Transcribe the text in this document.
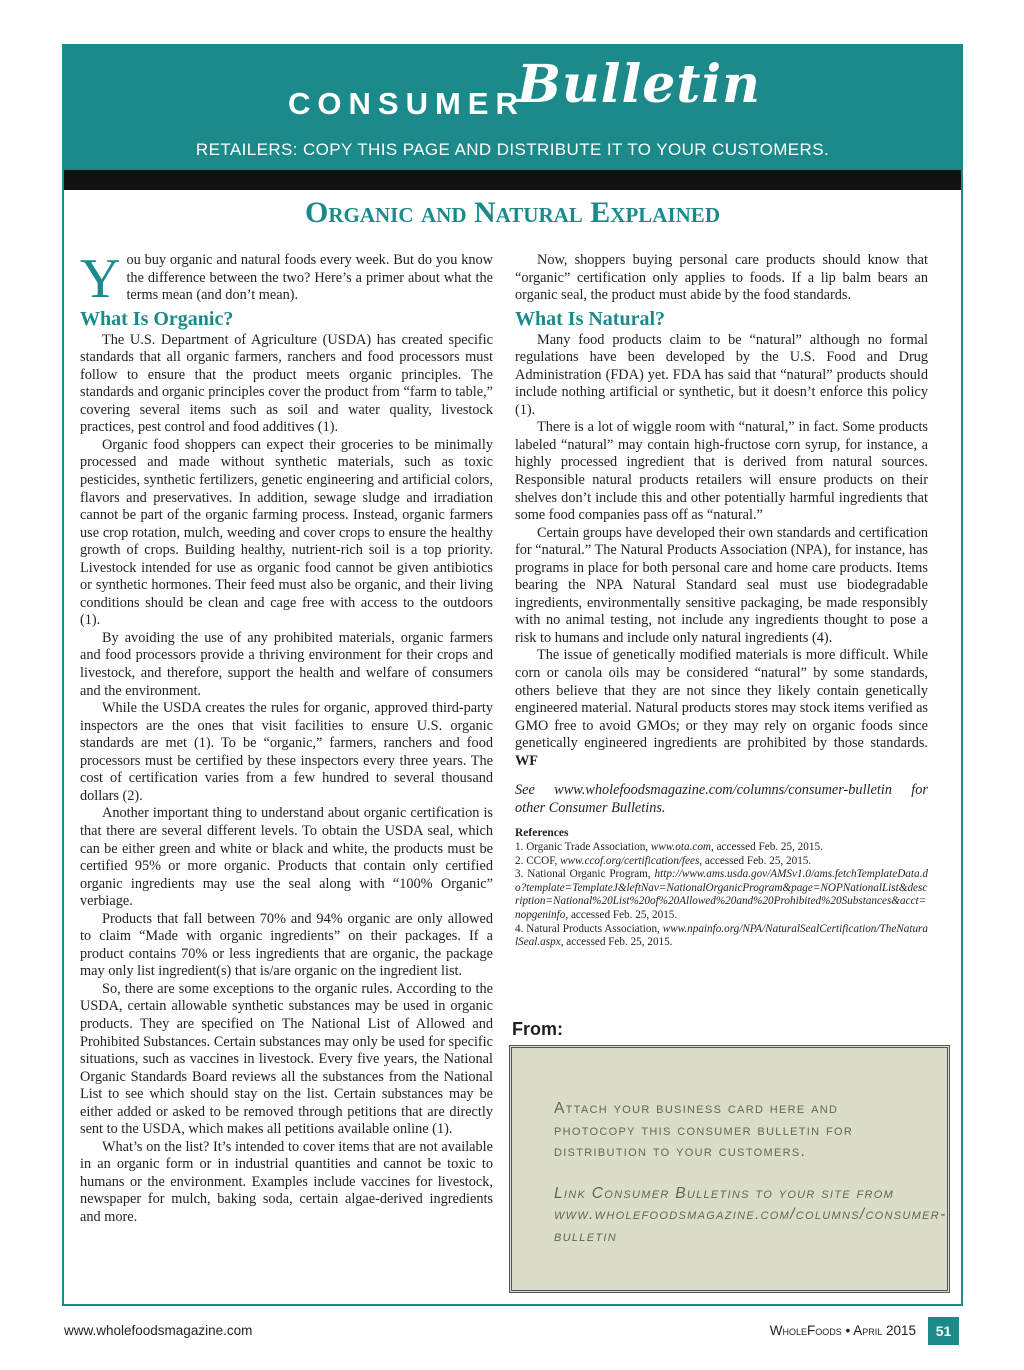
CONSUMER
Bulletin
RETAILERS: COPY THIS PAGE AND DISTRIBUTE IT TO YOUR CUSTOMERS.
Organic and Natural Explained

You buy organic and natural foods every week. But do you know the difference between the two? Here’s a primer about what the terms mean (and don’t mean).

What Is Organic?

The U.S. Department of Agriculture (USDA) has created specific standards that all organic farmers, ranchers and food processors must follow to ensure that the product meets organic principles. The standards and organic principles cover the product from “farm to table,” covering several items such as soil and water quality, livestock practices, pest control and food additives (1).

Organic food shoppers can expect their groceries to be minimally processed and made without synthetic materials, such as toxic pesticides, synthetic fertilizers, genetic engineering and artificial colors, flavors and preservatives. In addition, sewage sludge and irradiation cannot be part of the organic farming process. Instead, organic farmers use crop rotation, mulch, weeding and cover crops to ensure the healthy growth of crops. Building healthy, nutrient-rich soil is a top priority. Livestock intended for use as organic food cannot be given antibiotics or synthetic hormones. Their feed must also be organic, and their living conditions should be clean and cage free with access to the outdoors (1).

By avoiding the use of any prohibited materials, organic farmers and food processors provide a thriving environment for their crops and livestock, and therefore, support the health and welfare of consumers and the environment.

While the USDA creates the rules for organic, approved third-party inspectors are the ones that visit facilities to ensure U.S. organic standards are met (1). To be “organic,” farmers, ranchers and food processors must be certified by these inspectors every three years. The cost of certification varies from a few hundred to several thousand dollars (2).

Another important thing to understand about organic certification is that there are several different levels. To obtain the USDA seal, which can be either green and white or black and white, the products must be certified 95% or more organic. Products that contain only certified organic ingredients may use the seal along with “100% Organic” verbiage.

Products that fall between 70% and 94% organic are only allowed to claim “Made with organic ingredients” on their packages. If a product contains 70% or less ingredients that are organic, the package may only list ingredient(s) that is/are organic on the ingredient list.

So, there are some exceptions to the organic rules. According to the USDA, certain allowable synthetic substances may be used in organic products. They are specified on The National List of Allowed and Prohibited Substances. Certain substances may only be used for specific situations, such as vaccines in livestock. Every five years, the National Organic Standards Board reviews all the substances from the National List to see which should stay on the list. Certain substances may be either added or asked to be removed through petitions that are directly sent to the USDA, which makes all petitions available online (1).

What’s on the list? It’s intended to cover items that are not available in an organic form or in industrial quantities and cannot be toxic to humans or the environment. Examples include vaccines for livestock, newspaper for mulch, baking soda, certain algae-derived ingredients and more.

Now, shoppers buying personal care products should know that “organic” certification only applies to foods. If a lip balm bears an organic seal, the product must abide by the food standards.

What Is Natural?

Many food products claim to be “natural” although no formal regulations have been developed by the U.S. Food and Drug Administration (FDA) yet. FDA has said that “natural” products should include nothing artificial or synthetic, but it doesn’t enforce this policy (1).

There is a lot of wiggle room with “natural,” in fact. Some products labeled “natural” may contain high-fructose corn syrup, for instance, a highly processed ingredient that is derived from natural sources. Responsible natural products retailers will ensure products on their shelves don’t include this and other potentially harmful ingredients that some food companies pass off as “natural.”

Certain groups have developed their own standards and certification for “natural.” The Natural Products Association (NPA), for instance, has programs in place for both personal care and home care products. Items bearing the NPA Natural Standard seal must use biodegradable ingredients, environmentally sensitive packaging, be made responsibly with no animal testing, not include any ingredients thought to pose a risk to humans and include only natural ingredients (4).

The issue of genetically modified materials is more difficult. While corn or canola oils may be considered “natural” by some standards, others believe that they are not since they likely contain genetically engineered material. Natural products stores may stock items verified as GMO free to avoid GMOs; or they may rely on organic foods since genetically engineered ingredients are prohibited by those standards. WF

See www.wholefoodsmagazine.com/columns/consumer-bulletin for other Consumer Bulletins.

References
1. Organic Trade Association, www.ota.com, accessed Feb. 25, 2015.
2. CCOF, www.ccof.org/certification/fees, accessed Feb. 25, 2015.
3. National Organic Program, http://www.ams.usda.gov/AMSv1.0/ams.fetchTemplateData.do?template=TemplateJ&leftNav=NationalOrganicProgram&page=NOPNationalList&description=National%20List%20of%20Allowed%20and%20Prohibited%20Substances&acct=nopgeninfo, accessed Feb. 25, 2015.
4. Natural Products Association, www.npainfo.org/NPA/NaturalSealCertification/TheNaturalSeal.aspx, accessed Feb. 25, 2015.
From:

Attach your business card here and photocopy this consumer bulletin for distribution to your customers.

Link Consumer Bulletins to your site from www.wholefoodsmagazine.com/columns/consumer-bulletin

www.wholefoodsmagazine.com	WholeFoods • April 2015	51
